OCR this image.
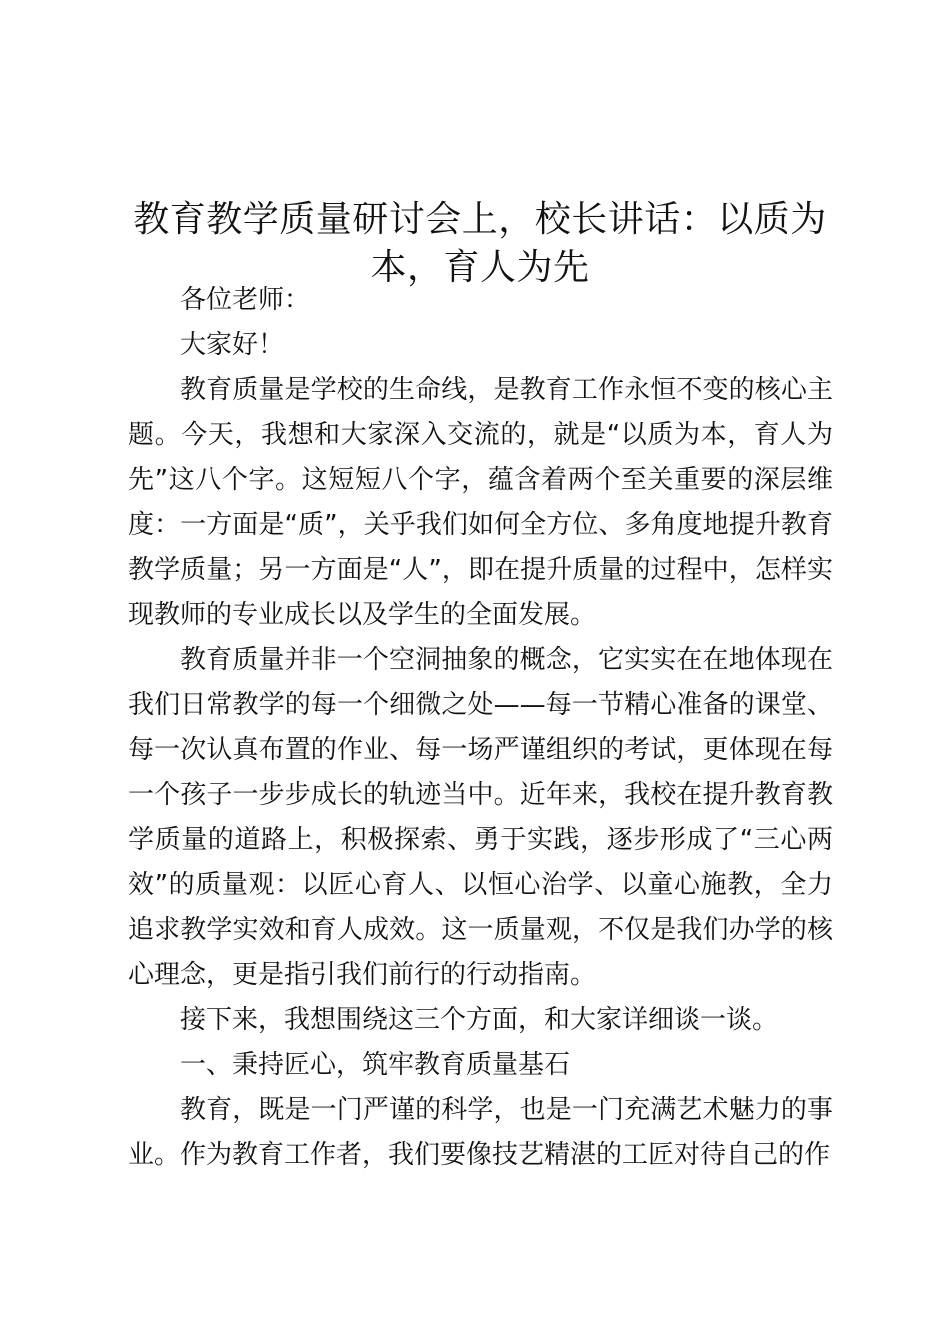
教育教学质量研讨会上，校长讲话：以质为本，育人为先

各位老师：

大家好！

教育质量是学校的生命线，是教育工作永恒不变的核心主题。今天，我想和大家深入交流的，就是“以质为本，育人为先”这八个字。这短短八个字，蕴含着两个至关重要的深层维度：一方面是“质”，关乎我们如何全方位、多角度地提升教育教学质量；另一方面是“人”，即在提升质量的过程中，怎样实现教师的专业成长以及学生的全面发展。

教育质量并非一个空洞抽象的概念，它实实在在地体现在我们日常教学的每一个细微之处——每一节精心准备的课堂、每一次认真布置的作业、每一场严谨组织的考试，更体现在每一个孩子一步步成长的轨迹当中。近年来，我校在提升教育教学质量的道路上，积极探索、勇于实践，逐步形成了“三心两效”的质量观：以匠心育人、以恒心治学、以童心施教，全力追求教学实效和育人成效。这一质量观，不仅是我们办学的核心理念，更是指引我们前行的行动指南。

接下来，我想围绕这三个方面，和大家详细谈一谈。

一、秉持匠心，筑牢教育质量基石

教育，既是一门严谨的科学，也是一门充满艺术魅力的事业。作为教育工作者，我们要像技艺精湛的工匠对待自己的作
